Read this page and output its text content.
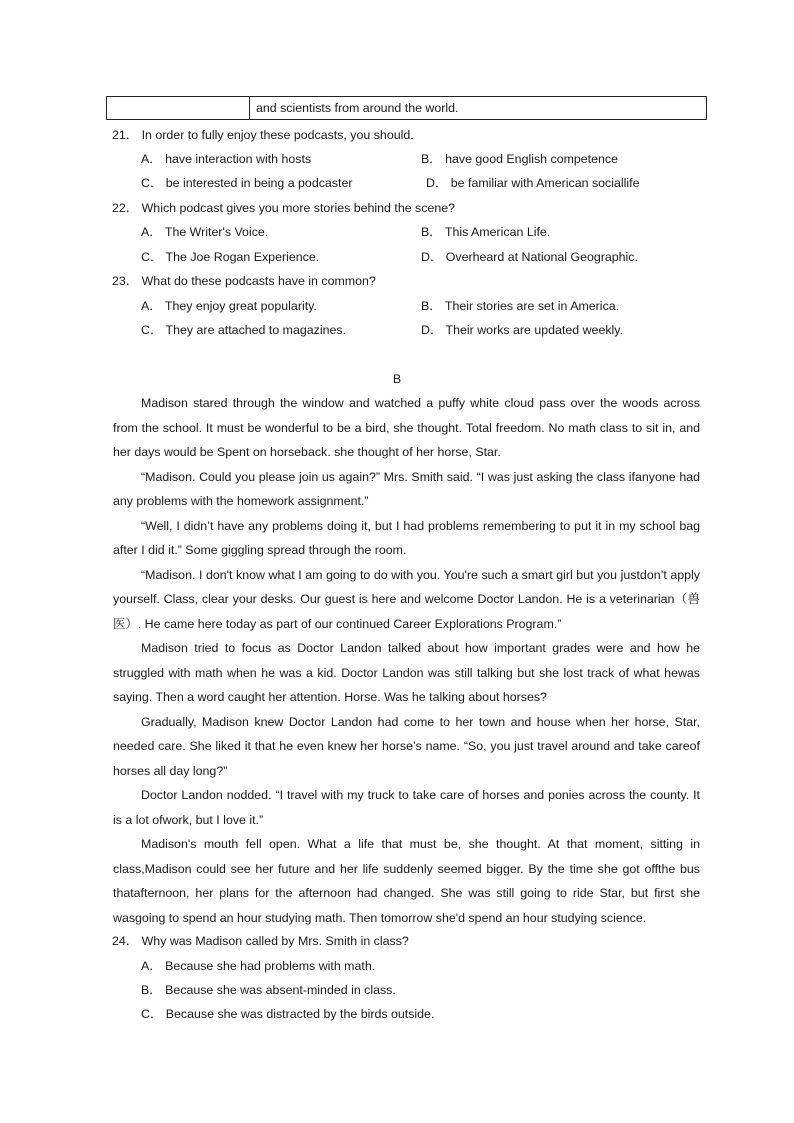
and scientists from around the world.
21． In order to fully enjoy these podcasts, you should.
A． have interaction with hosts	B． have good English competence
C． be interested in being a podcaster	D． be familiar with American sociallife
22． Which podcast gives you more stories behind the scene?
A． The Writer's Voice.	B． This American Life.
C． The Joe Rogan Experience.	D． Overheard at National Geographic.
23． What do these podcasts have in common?
A． They enjoy great popularity.	B． Their stories are set in America.
C． They are attached to magazines.	D． Their works are updated weekly.
B

Madison stared through the window and watched a puffy white cloud pass over the woods across from the school. It must be wonderful to be a bird, she thought. Total freedom. No math class to sit in, and her days would be Spent on horseback. she thought of her horse, Star.

“Madison. Could you please join us again?” Mrs. Smith said. “I was just asking the class ifanyone had any problems with the homework assignment.”

“Well, I didn’t have any problems doing it, but I had problems remembering to put it in my school bag after I did it.” Some giggling spread through the room.

“Madison. I don't know what I am going to do with you. You're such a smart girl but you justdon’t apply yourself. Class, clear your desks. Our guest is here and welcome Doctor Landon. He is a veterinarian（兽医）. He came here today as part of our continued Career Explorations Program.”

Madison tried to focus as Doctor Landon talked about how important grades were and how he struggled with math when he was a kid. Doctor Landon was still talking but she lost track of what hewas saying. Then a word caught her attention. Horse. Was he talking about horses?

Gradually, Madison knew Doctor Landon had come to her town and house when her horse, Star, needed care. She liked it that he even knew her horse’s name. “So, you just travel around and take careof horses all day long?”

Doctor Landon nodded. “I travel with my truck to take care of horses and ponies across the county. It is a lot ofwork, but I love it.”

Madison's mouth fell open. What a life that must be, she thought. At that moment, sitting in class,Madison could see her future and her life suddenly seemed bigger. By the time she got offthe bus thatafternoon, her plans for the afternoon had changed. She was still going to ride Star, but first she wasgoing to spend an hour studying math. Then tomorrow she'd spend an hour studying science.

24． Why was Madison called by Mrs. Smith in class?
A． Because she had problems with math.
B． Because she was absent-minded in class.
C． Because she was distracted by the birds outside.
